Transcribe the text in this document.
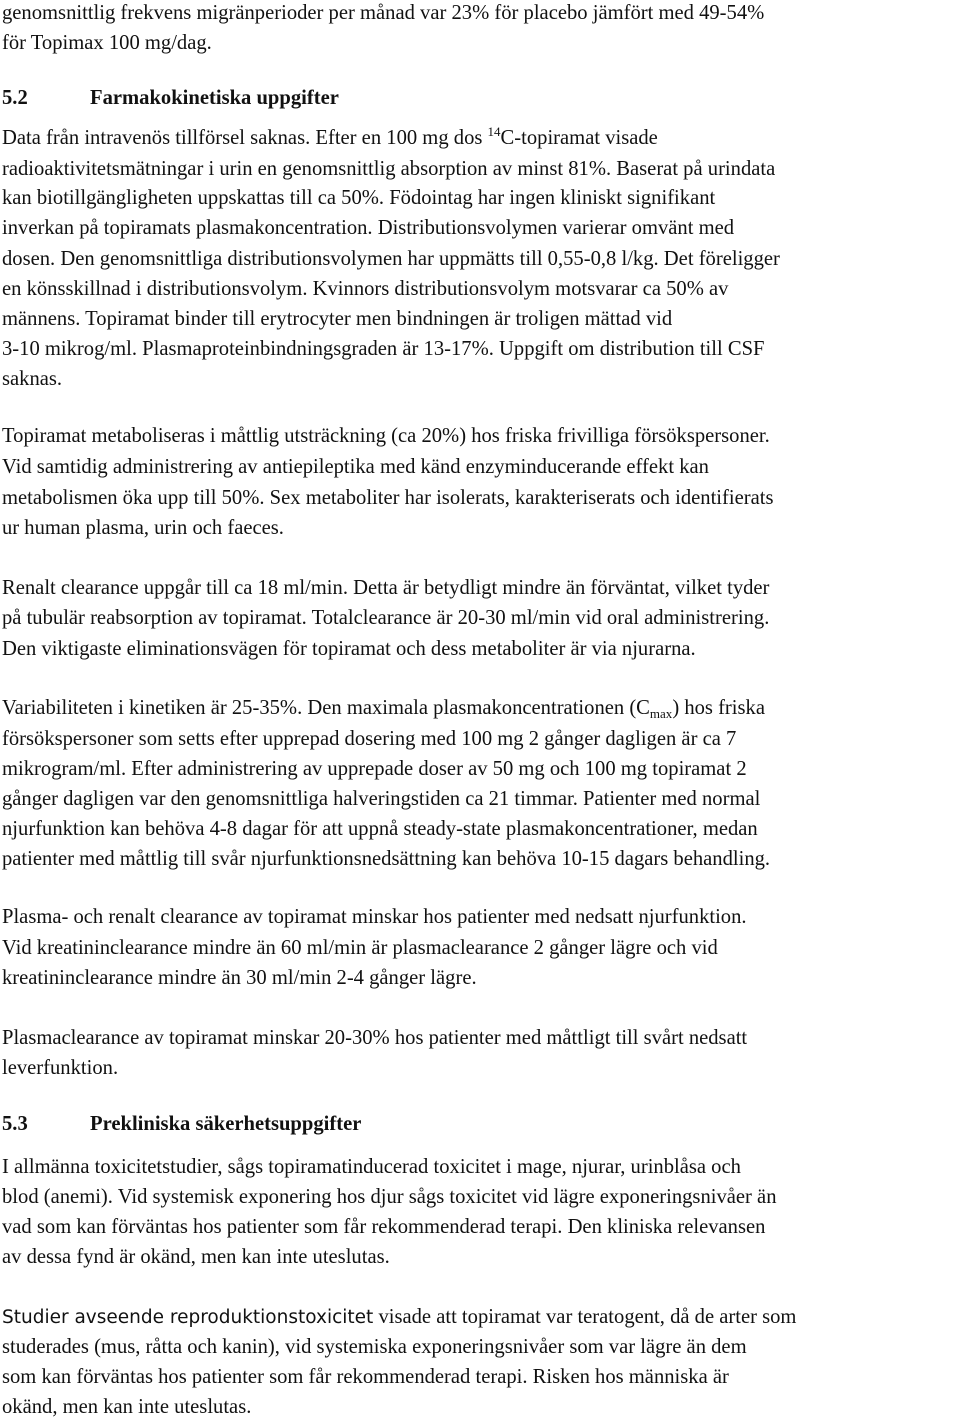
genomsnittlig frekvens migränperioder per månad var 23% för placebo jämfört med 49-54%

för Topimax 100 mg/dag.

5.2	Farmakokinetiska uppgifter

Data från intravenös tillförsel saknas. Efter en 100 mg dos $^{14}$C-topiramat visade

radioaktivitetsmätningar i urin en genomsnittlig absorption av minst 81%. Baserat på urindata

kan biotillgängligheten uppskattas till ca 50%. Födointag har ingen kliniskt signifikant

inverkan på topiramats plasmakoncentration. Distributionsvolymen varierar omvänt med

dosen. Den genomsnittliga distributionsvolymen har uppmätts till 0,55-0,8 l/kg. Det föreligger

en könsskillnad i distributionsvolym. Kvinnors distributionsvolym motsvarar ca 50% av

männens. Topiramat binder till erytrocyter men bindningen är troligen mättad vid

3-10 mikrog/ml. Plasmaproteinbindningsgraden är 13-17%. Uppgift om distribution till CSF

saknas.

Topiramat metaboliseras i måttlig utsträckning (ca 20%) hos friska frivilliga försökspersoner.

Vid samtidig administrering av antiepileptika med känd enzyminducerande effekt kan

metabolismen öka upp till 50%. Sex metaboliter har isolerats, karakteriserats och identifierats

ur human plasma, urin och faeces.

Renalt clearance uppgår till ca 18 ml/min. Detta är betydligt mindre än förväntat, vilket tyder

på tubulär reabsorption av topiramat. Totalclearance är 20-30 ml/min vid oral administrering.

Den viktigaste eliminationsvägen för topiramat och dess metaboliter är via njurarna.

Variabiliteten i kinetiken är 25-35%. Den maximala plasmakoncentrationen $(C_{max})$ hos friska

försökspersoner som setts efter upprepad dosering med 100 mg 2 gånger dagligen är ca 7

mikrogram/ml. Efter administrering av upprepade doser av 50 mg och 100 mg topiramat 2

gånger dagligen var den genomsnittliga halveringstiden ca 21 timmar. Patienter med normal

njurfunktion kan behöva 4-8 dagar för att uppnå steady-state plasmakoncentrationer, medan

patienter med måttlig till svår njurfunktionsnedsättning kan behöva 10-15 dagars behandling.

Plasma- och renalt clearance av topiramat minskar hos patienter med nedsatt njurfunktion.

Vid kreatininclearance mindre än 60 ml/min är plasmaclearance 2 gånger lägre och vid

kreatininclearance mindre än 30 ml/min 2-4 gånger lägre.

Plasmaclearance av topiramat minskar 20-30% hos patienter med måttligt till svårt nedsatt

leverfunktion.

5.3	Prekliniska säkerhetsuppgifter

I allmänna toxicitetstudier, sågs topiramatinducerad toxicitet i mage, njurar, urinblåsa och

blod (anemi). Vid systemisk exponering hos djur sågs toxicitet vid lägre exponeringsnivåer än

vad som kan förväntas hos patienter som får rekommenderad terapi. Den kliniska relevansen

av dessa fynd är okänd, men kan inte uteslutas.

Studier avseende reproduktionstoxicitet visade att topiramat var teratogent, då de arter som

studerades (mus, råtta och kanin), vid systemiska exponeringsnivåer som var lägre än dem

som kan förväntas hos patienter som får rekommenderad terapi. Risken hos människa är

okänd, men kan inte uteslutas.
